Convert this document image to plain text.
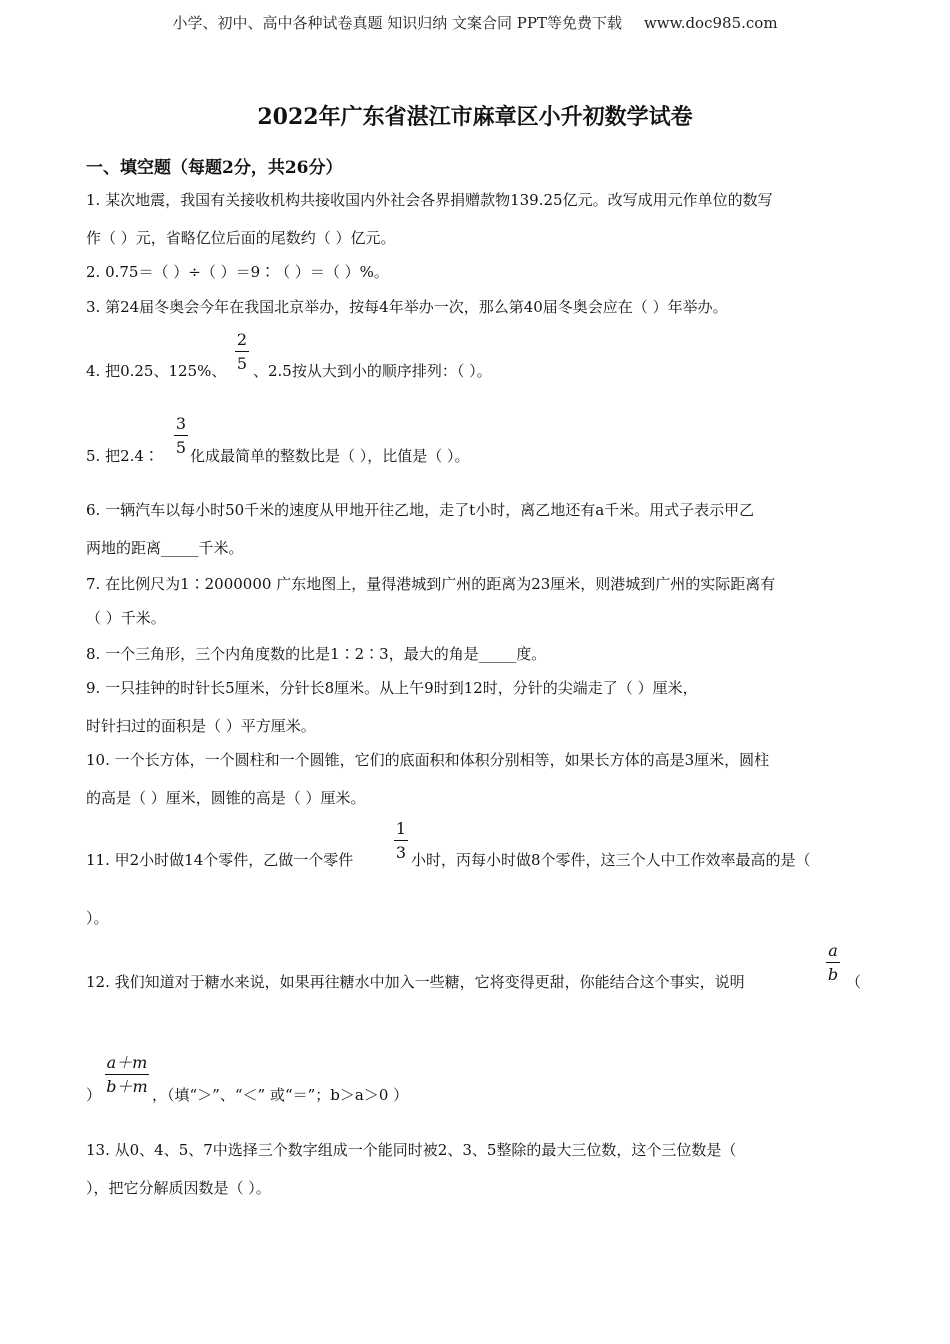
小学、初中、高中各种试卷真题 知识归纳 文案合同 PPT等免费下载 www.doc985.com
2022年广东省湛江市麻章区小升初数学试卷
一、填空题（每题2分，共26分）
1. 某次地震，我国有关接收机构共接收国内外社会各界捐赠款物139.25亿元。改写成用元作单位的数写
作（ ）元，省略亿位后面的尾数约（ ）亿元。
2. 0.75＝（ ）÷（ ）＝9∶（ ）＝（ ）%。
3. 第24届冬奥会今年在我国北京举办，按每4年举办一次，那么第40届冬奥会应在（ ）年举办。
4. 把0.25、125%、
2
5 、2.5按从大到小的顺序排列：（ ）。
5. 把2.4∶
3
5 化成最简单的整数比是（ ），比值是（ ）。
6. 一辆汽车以每小时50千米的速度从甲地开往乙地，走了t小时，离乙地还有a千米。用式子表示甲乙
两地的距离_____千米。
7. 在比例尺为1∶2000000 广东地图上，量得港城到广州的距离为23厘米，则港城到广州的实际距离有
（ ）千米。
8. 一个三角形，三个内角度数的比是1∶2∶3，最大的角是_____度。
9. 一只挂钟的时针长5厘米，分针长8厘米。从上午9时到12时，分针的尖端走了（ ）厘米，
时针扫过的面积是（ ）平方厘米。
10. 一个长方体，一个圆柱和一个圆锥，它们的底面积和体积分别相等，如果长方体的高是3厘米，圆柱
的高是（ ）厘米，圆锥的高是（ ）厘米。
11. 甲2小时做14个零件，乙做一个零件
1
3 小时，丙每小时做8个零件，这三个人中工作效率最高的是（
）。
12. 我们知道对于糖水来说，如果再往糖水中加入一些糖，它将变得更甜，你能结合这个事实，说明
a
b （
）
a＋m
b＋m ，（填“＞”、“＜” 或“＝”；b＞a＞0 ）
13. 从0、4、5、7中选择三个数字组成一个能同时被2、3、5整除的最大三位数，这个三位数是（
），把它分解质因数是（ ）。
